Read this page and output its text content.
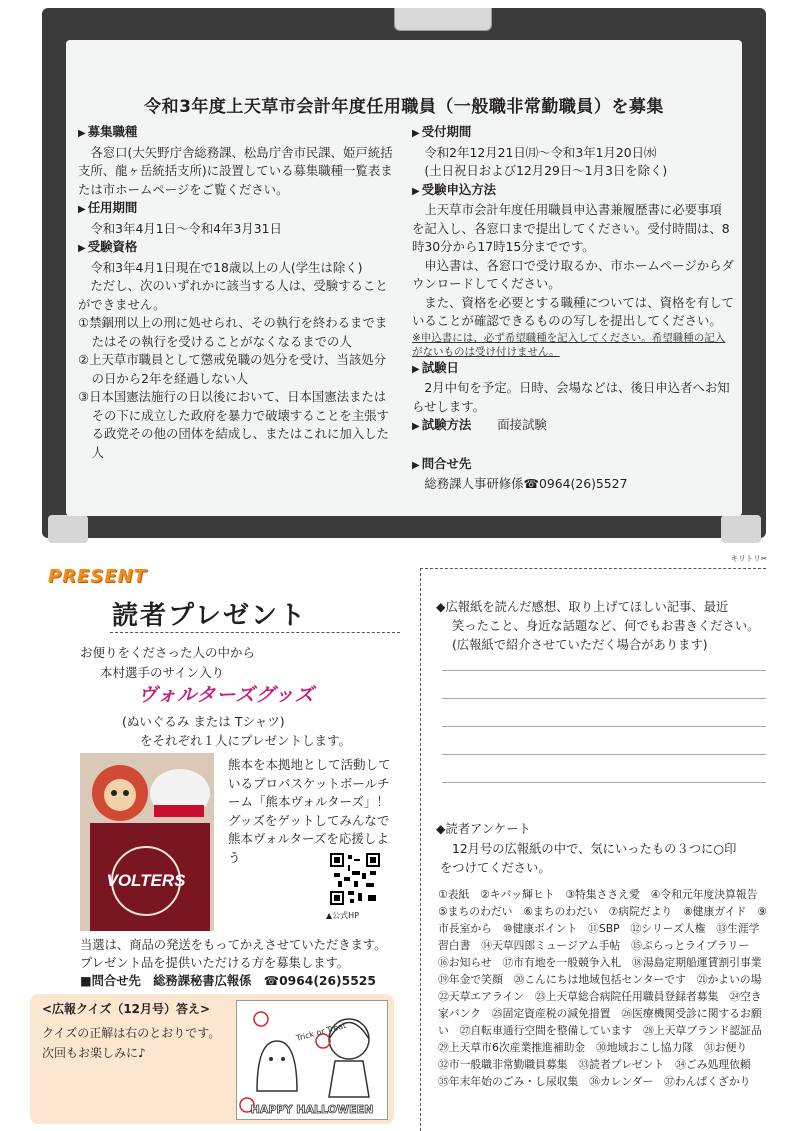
令和3年度上天草市会計年度任用職員（一般職非常勤職員）を募集
▶ 募集職種
各窓口(大矢野庁舎総務課、松島庁舎市民課、姫戸統括支所、龍ヶ岳統括支所)に設置している募集職種一覧表または市ホームページをご覧ください。
▶ 任用期間
令和3年4月1日〜令和4年3月31日
▶ 受験資格
令和3年4月1日現在で18歳以上の人(学生は除く)
ただし、次のいずれかに該当する人は、受験することができません。
①禁錮刑以上の刑に処せられ、その執行を終わるまでまたはその執行を受けることがなくなるまでの人
②上天草市職員として懲戒免職の処分を受け、当該処分の日から2年を経過しない人
③日本国憲法施行の日以後において、日本国憲法またはその下に成立した政府を暴力で破壊することを主張する政党その他の団体を結成し、またはこれに加入した人
▶ 受付期間
令和2年12月21日㈪〜令和3年1月20日㈬
(土日祝日および12月29日〜1月3日を除く)
▶ 受験申込方法
上天草市会計年度任用職員申込書兼履歴書に必要事項を記入し、各窓口まで提出してください。受付時間は、8時30分から17時15分までです。
申込書は、各窓口で受け取るか、市ホームページからダウンロードしてください。
また、資格を必要とする職種については、資格を有していることが確認できるものの写しを提出してください。
※申込書には、必ず希望職種を記入してください。希望職種の記入がないものは受け付けません。
▶ 試験日
2月中旬を予定。日時、会場などは、後日申込者へお知らせします。
▶ 試験方法 面接試験
▶ 問合せ先
総務課人事研修係☎0964(26)5527
キリトリ✂
PRESENT
読者プレゼント
お便りをくださった人の中から
本村選手のサイン入り
ヴォルターズグッズ
(ぬいぐるみ または Tシャツ)
をそれぞれ１人にプレゼントします。
VOLTERS
熊本を本拠地として活動しているプロバスケットボールチーム「熊本ヴォルターズ」！　グッズをゲットしてみんなで熊本ヴォルターズを応援しよう
▲公式HP
当選は、商品の発送をもってかえさせていただきます。
プレゼント品を提供いただける方を募集します。
■問合せ先　総務課秘書広報係　☎0964(26)5525
<広報クイズ（12月号）答え>
クイズの正解は右のとおりです。
次回もお楽しみに♪
Trick or Treat
HAPPY HALLOWEEN
◆広報紙を読んだ感想、取り上げてほしい記事、最近
笑ったこと、身近な話題など、何でもお書きください。
(広報紙で紹介させていただく場合があります)
◆読者アンケート
12月号の広報紙の中で、気にいったもの３つに○印
をつけてください。
①表紙　 ②キバッ輝ヒト　 ③特集ささえ愛　 ④令和元年度決算報告　⑤まちのわだい　 ⑥まちのわだい　 ⑦病院だより　 ⑧健康ガイド　 ⑨市長室から　 ⑩健康ポイント　 ⑪SBP　 ⑫シリーズ人権　 ⑬生涯学習白書　 ⑭天草四郎ミュージアム手帖　 ⑮ぷらっとライブラリー　⑯お知らせ　 ⑰市有地を一般競争入札　 ⑱湯島定期船運賃割引事業　⑲年金で笑顔　 ⑳こんにちは地域包括センターです　 ㉑かよいの場　㉒天草エアライン　 ㉓上天草総合病院任用職員登録者募集　 ㉔空き家バンク　 ㉕固定資産税の減免措置　 ㉖医療機関受診に関するお願い　 ㉗自転車通行空間を整備しています　 ㉘上天草ブランド認証品　㉙上天草市6次産業推進補助金　 ㉚地域おこし協力隊　 ㉛お便り　㉜市一般職非常勤職員募集　 ㉝読者プレゼント　 ㉞ごみ処理依頼　㉟年末年始のごみ・し尿収集　 ㊱カレンダー　 ㊲わんぱくざかり
